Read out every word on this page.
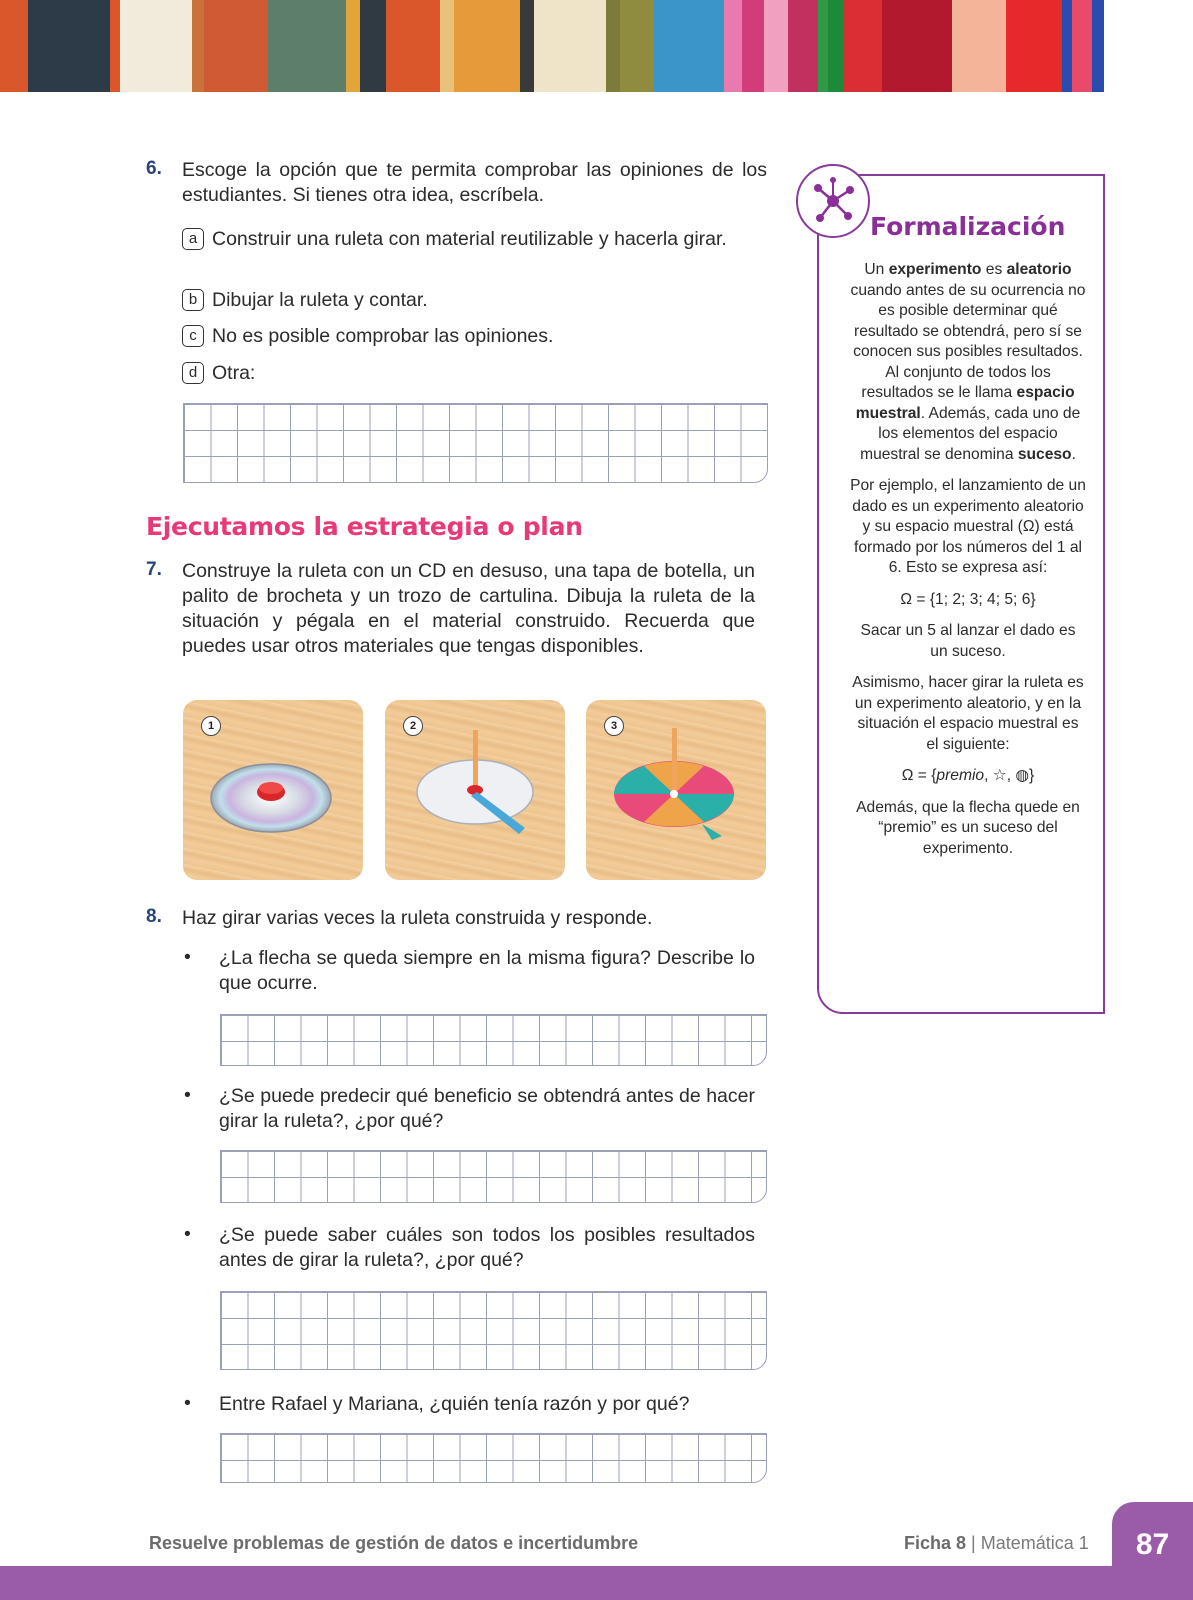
6. Escoge la opción que te permita comprobar las opiniones de los estudiantes. Si tienes otra idea, escríbela.
a Construir una ruleta con material reutilizable y hacerla girar.
b Dibujar la ruleta y contar.
c No es posible comprobar las opiniones.
d Otra:
Ejecutamos la estrategia o plan
7. Construye la ruleta con un CD en desuso, una tapa de botella, un palito de brocheta y un trozo de cartulina. Dibuja la ruleta de la situación y pégala en el material construido. Recuerda que puedes usar otros materiales que tengas disponibles.
1	2	3
8. Haz girar varias veces la ruleta construida y responde.
• ¿La flecha se queda siempre en la misma figura? Describe lo que ocurre.
• ¿Se puede predecir qué beneficio se obtendrá antes de hacer girar la ruleta?, ¿por qué?
• ¿Se puede saber cuáles son todos los posibles resultados antes de girar la ruleta?, ¿por qué?
• Entre Rafael y Mariana, ¿quién tenía razón y por qué?
Formalización

Un experimento es aleatorio cuando antes de su ocurrencia no es posible determinar qué resultado se obtendrá, pero sí se conocen sus posibles resultados. Al conjunto de todos los resultados se le llama espacio muestral. Además, cada uno de los elementos del espacio muestral se denomina suceso.

Por ejemplo, el lanzamiento de un dado es un experimento aleatorio y su espacio muestral (Ω) está formado por los números del 1 al 6. Esto se expresa así:

Ω = {1; 2; 3; 4; 5; 6}

Sacar un 5 al lanzar el dado es un suceso.

Asimismo, hacer girar la ruleta es un experimento aleatorio, y en la situación el espacio muestral es el siguiente:

Ω = {premio, ☆, ◍}

Además, que la flecha quede en “premio” es un suceso del experimento.

Resuelve problemas de gestión de datos e incertidumbre	Ficha 8 | Matemática 1	87
